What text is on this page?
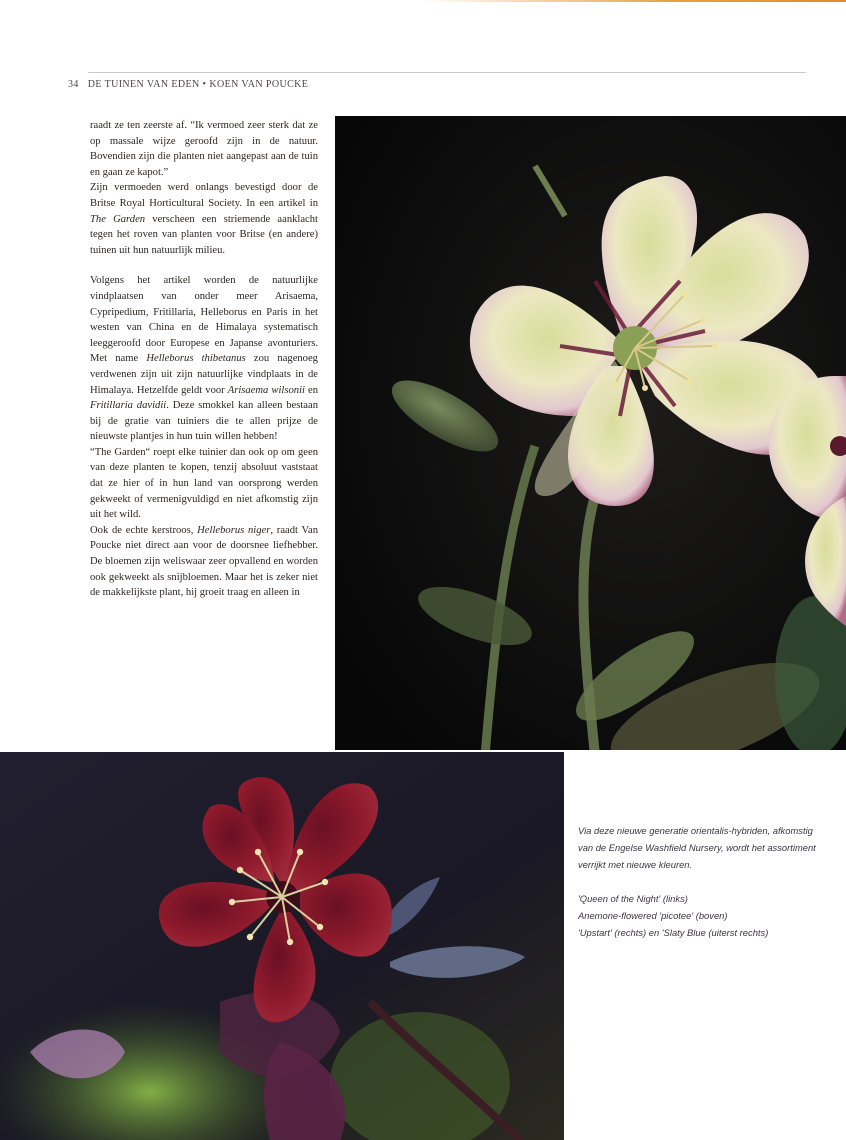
34 DE TUINEN VAN EDEN • KOEN VAN POUCKE

raadt ze ten zeerste af. “Ik vermoed zeer sterk dat ze op massale wijze geroofd zijn in de natuur. Bovendien zijn die planten niet aangepast aan de tuin en gaan ze kapot.”

Zijn vermoeden werd onlangs bevestigd door de Britse Royal Horticultural Society. In een artikel in The Garden verscheen een striemende aanklacht tegen het roven van planten voor Britse (en andere) tuinen uit hun natuurlijk milieu.

Volgens het artikel worden de natuurlijke vindplaatsen van onder meer Arisaema, Cypripedium, Fritillaria, Helleborus en Paris in het westen van China en de Himalaya systematisch leeggeroofd door Europese en Japanse avonturiers. Met name Helleborus thibetanus zou nagenoeg verdwenen zijn uit zijn natuurlijke vindplaats in de Himalaya. Hetzelfde geldt voor Arisaema wilsonii en Fritillaria davidii. Deze smokkel kan alleen bestaan bij de gratie van tuiniers die te allen prijze de nieuwste plantjes in hun tuin willen hebben!

“The Garden“ roept elke tuinier dan ook op om geen van deze planten te kopen, tenzij absoluut vaststaat dat ze hier of in hun land van oorsprong werden gekweekt of vermenigvuldigd en niet afkomstig zijn uit het wild.

Ook de echte kerstroos, Helleborus niger, raadt Van Poucke niet direct aan voor de doorsnee liefhebber. De bloemen zijn weliswaar zeer opvallend en worden ook gekweekt als snijbloemen. Maar het is zeker niet de makkelijkste plant, hij groeit traag en alleen in

Via deze nieuwe generatie orientalis-hybriden, afkomstig van de Engelse Washfield Nursery, wordt het assortiment verrijkt met nieuwe kleuren.

'Queen of the Night' (links)

Anemone-flowered 'picotee' (boven)

'Upstart' (rechts) en 'Slaty Blue (uiterst rechts)
